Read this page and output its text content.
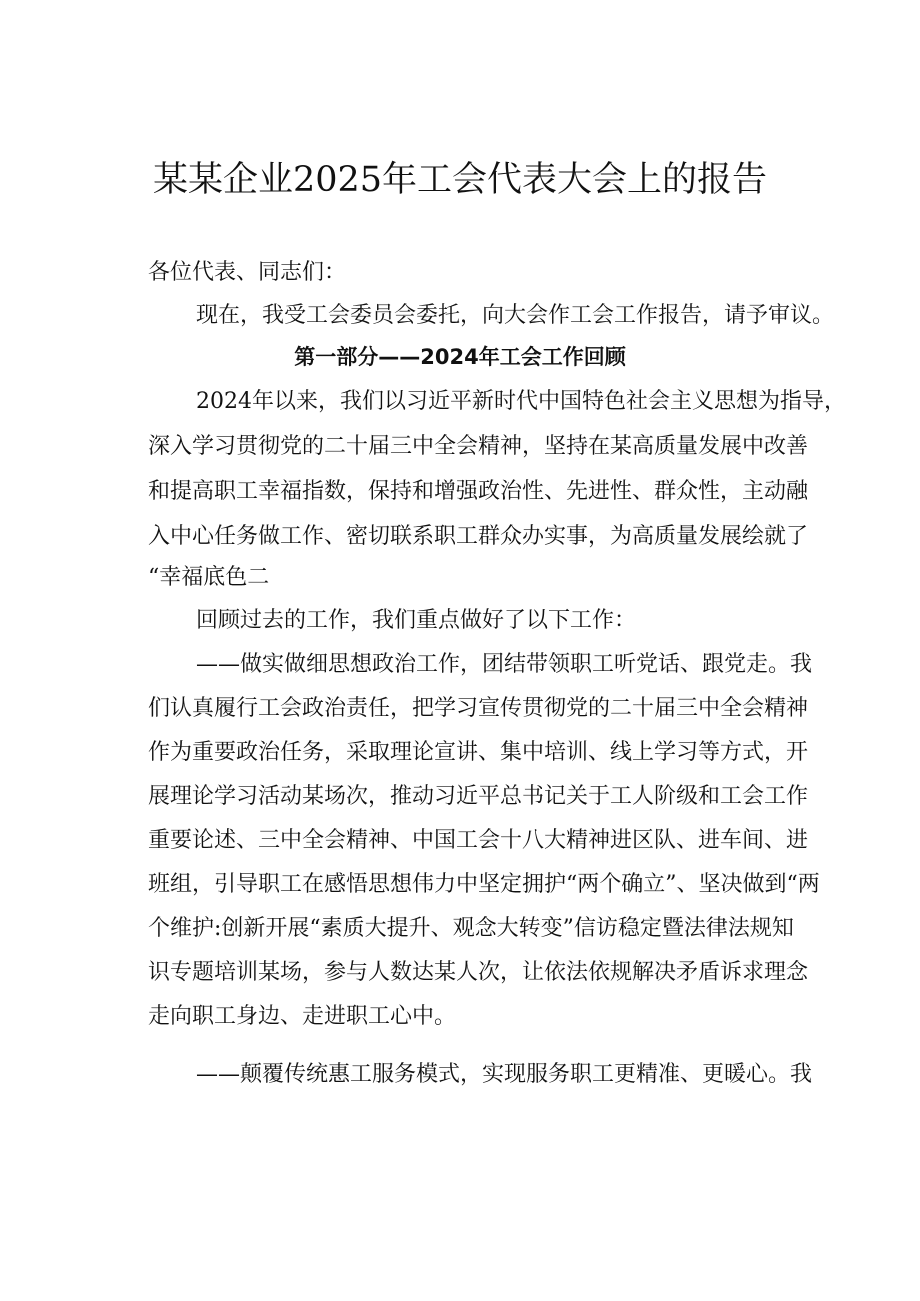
某某企业2025年工会代表大会上的报告
各位代表、同志们：
现在，我受工会委员会委托，向大会作工会工作报告，请予审议。
第一部分——2024年工会工作回顾
2024年以来，我们以习近平新时代中国特色社会主义思想为指导，
深入学习贯彻党的二十届三中全会精神，坚持在某高质量发展中改善
和提高职工幸福指数，保持和增强政治性、先进性、群众性，主动融
入中心任务做工作、密切联系职工群众办实事，为高质量发展绘就了
“幸福底色二
回顾过去的工作，我们重点做好了以下工作：
——做实做细思想政治工作，团结带领职工听党话、跟党走。我
们认真履行工会政治责任，把学习宣传贯彻党的二十届三中全会精神
作为重要政治任务，采取理论宣讲、集中培训、线上学习等方式，开
展理论学习活动某场次，推动习近平总书记关于工人阶级和工会工作
重要论述、三中全会精神、中国工会十八大精神进区队、进车间、进
班组，引导职工在感悟思想伟力中坚定拥护“两个确立”、坚决做到“两
个维护:创新开展“素质大提升、观念大转变”信访稳定暨法律法规知
识专题培训某场，参与人数达某人次，让依法依规解决矛盾诉求理念
走向职工身边、走进职工心中。
——颠覆传统惠工服务模式，实现服务职工更精准、更暖心。我
